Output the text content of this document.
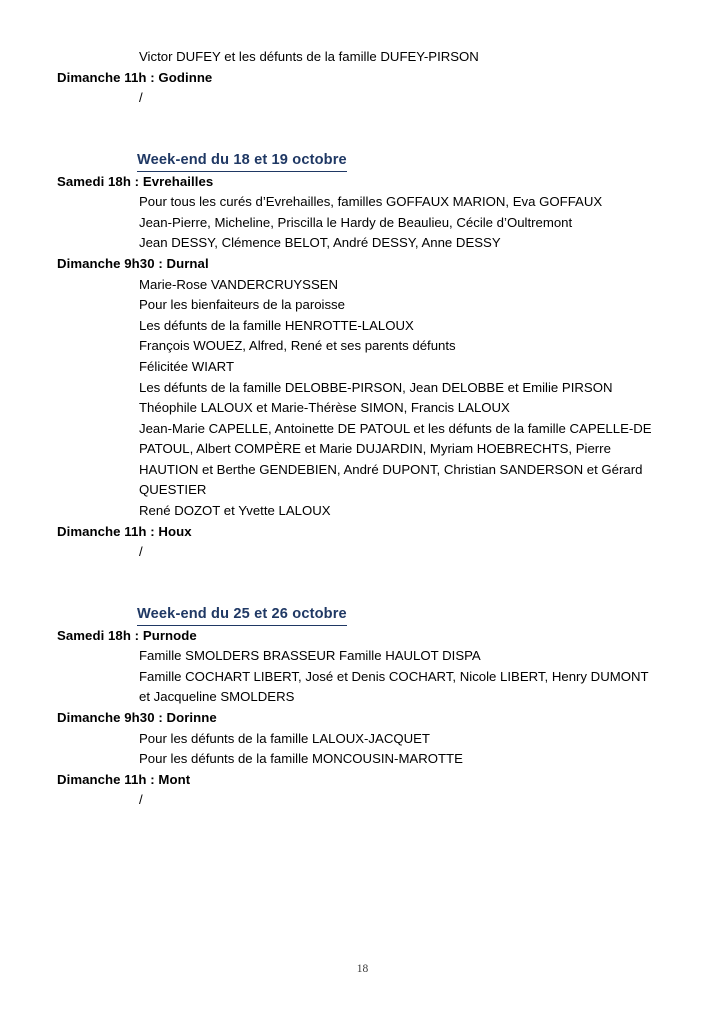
Victor DUFEY et les défunts de la famille DUFEY-PIRSON
Dimanche 11h : Godinne
/
Week-end du 18 et 19 octobre
Samedi 18h : Evrehailles
Pour tous les curés d’Evrehailles, familles GOFFAUX MARION, Eva GOFFAUX
Jean-Pierre, Micheline, Priscilla le Hardy de Beaulieu, Cécile d’Oultremont
Jean DESSY, Clémence BELOT, André DESSY, Anne DESSY
Dimanche 9h30 : Durnal
Marie-Rose VANDERCRUYSSEN
Pour les bienfaiteurs de la paroisse
Les défunts de la famille HENROTTE-LALOUX
François WOUEZ, Alfred, René et ses parents défunts
Félicitée WIART
Les défunts de la famille DELOBBE-PIRSON, Jean DELOBBE et Emilie PIRSON
Théophile LALOUX et Marie-Thérèse SIMON, Francis LALOUX
Jean-Marie CAPELLE, Antoinette DE PATOUL et les défunts de la famille CAPELLE-DE PATOUL, Albert COMPÈRE et Marie DUJARDIN, Myriam HOEBRECHTS, Pierre HAUTION et Berthe GENDEBIEN, André DUPONT, Christian SANDERSON et Gérard QUESTIER
René DOZOT et Yvette LALOUX
Dimanche 11h : Houx
/
Week-end du 25 et 26 octobre
Samedi 18h : Purnode
Famille SMOLDERS BRASSEUR Famille HAULOT DISPA
Famille COCHART LIBERT, José et Denis COCHART, Nicole LIBERT, Henry DUMONT et Jacqueline SMOLDERS
Dimanche 9h30 : Dorinne
Pour les défunts de la famille LALOUX-JACQUET
Pour les défunts de la famille MONCOUSIN-MAROTTE
Dimanche 11h : Mont
/
18
